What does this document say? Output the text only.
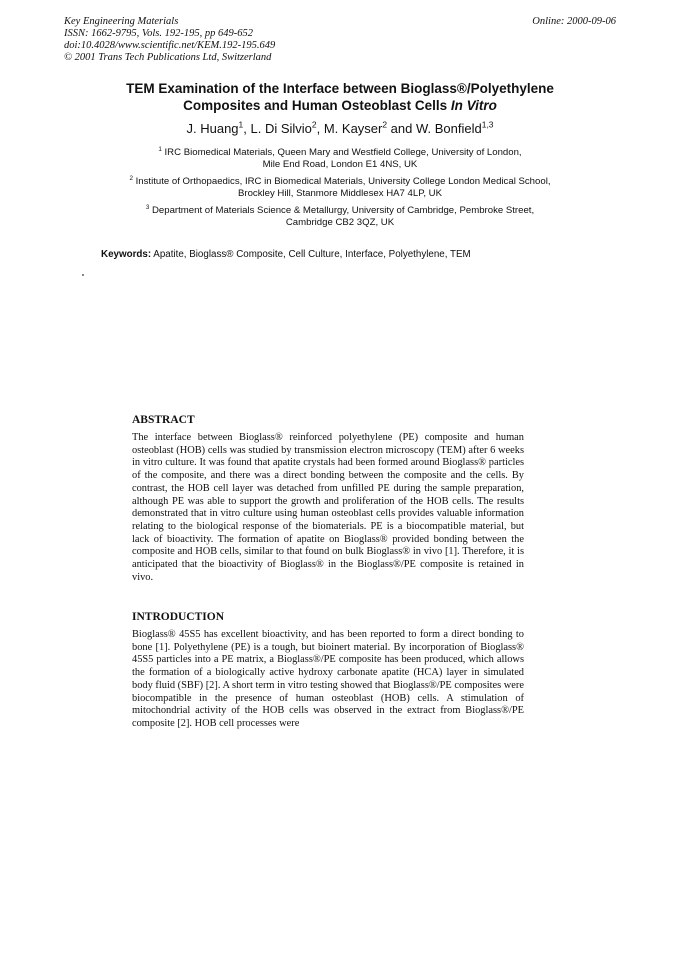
Key Engineering Materials
ISSN: 1662-9795, Vols. 192-195, pp 649-652
doi:10.4028/www.scientific.net/KEM.192-195.649
© 2001 Trans Tech Publications Ltd, Switzerland
Online: 2000-09-06
TEM Examination of the Interface between Bioglass®/Polyethylene
Composites and Human Osteoblast Cells In Vitro
J. Huang$^1$, L. Di Silvio$^2$, M. Kayser$^2$ and W. Bonfield$^{1,3}$
$^1$ IRC Biomedical Materials, Queen Mary and Westfield College, University of London,
Mile End Road, London E1 4NS, UK
$^2$ Institute of Orthopaedics, IRC in Biomedical Materials, University College London Medical School,
Brockley Hill, Stanmore Middlesex HA7 4LP, UK
$^3$ Department of Materials Science & Metallurgy, University of Cambridge, Pembroke Street,
Cambridge CB2 3QZ, UK
Keywords: Apatite, Bioglass® Composite, Cell Culture, Interface, Polyethylene, TEM
ABSTRACT
The interface between Bioglass® reinforced polyethylene (PE) composite and human osteoblast (HOB) cells was studied by transmission electron microscopy (TEM) after 6 weeks in vitro culture. It was found that apatite crystals had been formed around Bioglass® particles of the composite, and there was a direct bonding between the composite and the cells. By contrast, the HOB cell layer was detached from unfilled PE during the sample preparation, although PE was able to support the growth and proliferation of the HOB cells. The results demonstrated that in vitro culture using human osteoblast cells provides valuable information relating to the biological response of the biomaterials. PE is a biocompatible material, but lack of bioactivity. The formation of apatite on Bioglass® provided bonding between the composite and HOB cells, similar to that found on bulk Bioglass® in vivo [1]. Therefore, it is anticipated that the bioactivity of Bioglass® in the Bioglass®/PE composite is retained in vivo.
INTRODUCTION
Bioglass® 45S5 has excellent bioactivity, and has been reported to form a direct bonding to bone [1]. Polyethylene (PE) is a tough, but bioinert material. By incorporation of Bioglass® 45S5 particles into a PE matrix, a Bioglass®/PE composite has been produced, which allows the formation of a biologically active hydroxy carbonate apatite (HCA) layer in simulated body fluid (SBF) [2]. A short term in vitro testing showed that Bioglass®/PE composites were biocompatible in the presence of human osteoblast (HOB) cells. A stimulation of mitochondrial activity of the HOB cells was observed in the extract from Bioglass®/PE composite [2]. HOB cell processes were
